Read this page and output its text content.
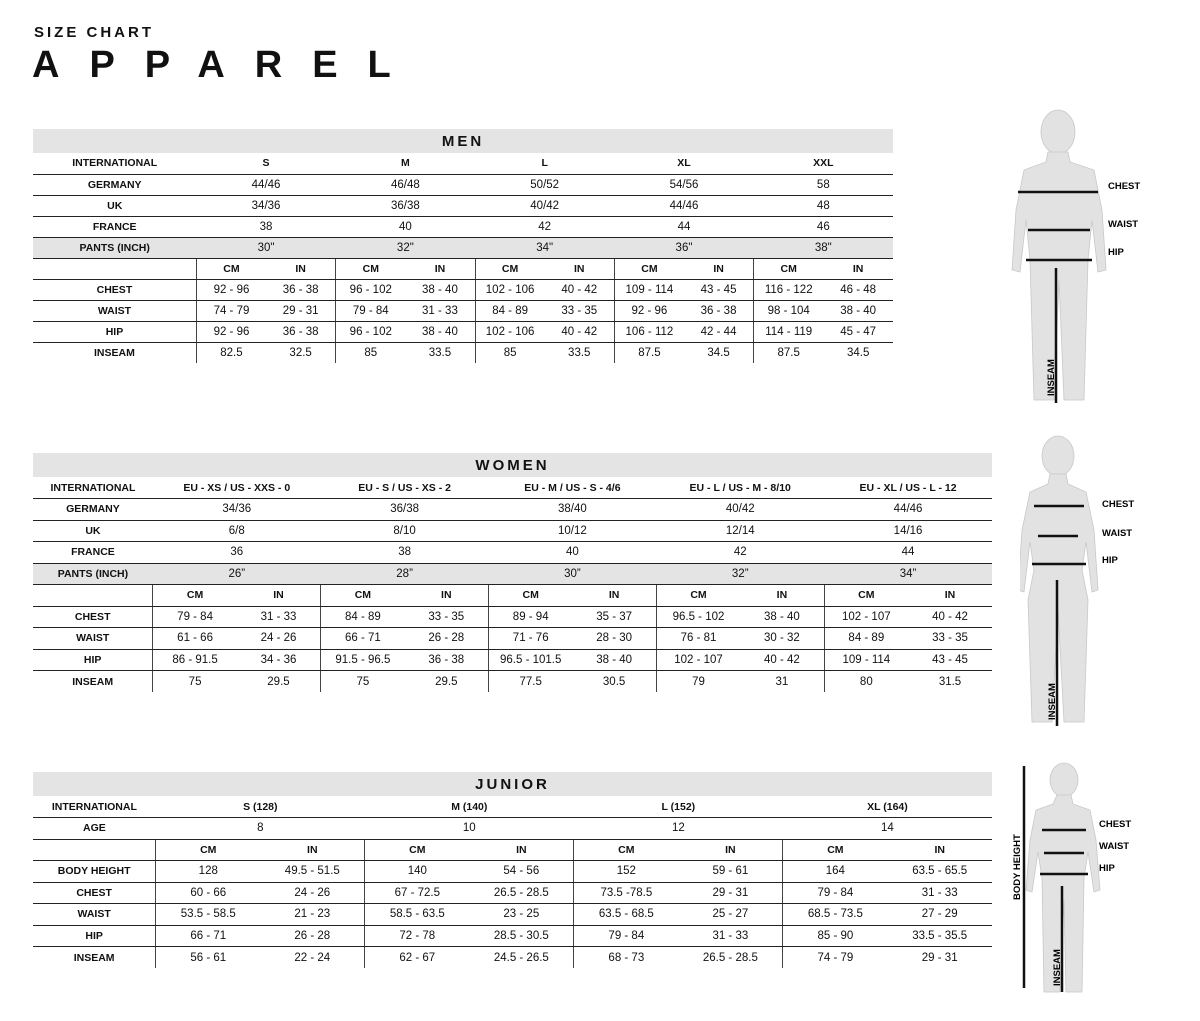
SIZE CHART
APPAREL
MEN
INTERNATIONAL	S		M		L		XL		XXL	
GERMANY	44/46		46/48		50/52		54/56		58	
UK	34/36		36/38		40/42		44/46		48	
FRANCE	38		40		42		44		46	
PANTS (INCH)	30"		32"		34"		36"		38"	
	CM	IN	CM	IN	CM	IN	CM	IN	CM	IN
CHEST	92 - 96	36 - 38	96 - 102	38 - 40	102 - 106	40 - 42	109 - 114	43 - 45	116 - 122	46 - 48
WAIST	74 - 79	29 - 31	79 - 84	31 - 33	84 - 89	33 - 35	92 - 96	36 - 38	98 - 104	38 - 40
HIP	92 - 96	36 - 38	96 - 102	38 - 40	102 - 106	40 - 42	106 - 112	42 - 44	114 - 119	45 - 47
INSEAM	82.5	32.5	85	33.5	85	33.5	87.5	34.5	87.5	34.5
WOMEN
INTERNATIONAL	EU - XS / US - XXS - 0		EU - S / US - XS - 2		EU - M / US - S - 4/6		EU - L / US - M - 8/10		EU - XL / US - L - 12	
GERMANY	34/36		36/38		38/40		40/42		44/46	
UK	6/8		8/10		10/12		12/14		14/16	
FRANCE	36		38		40		42		44	
PANTS (INCH)	26”		28”		30”		32”		34”	
	CM	IN	CM	IN	CM	IN	CM	IN	CM	IN
CHEST	79 - 84	31 - 33	84 - 89	33 - 35	89 - 94	35 - 37	96.5 - 102	38 - 40	102 - 107	40 - 42
WAIST	61 - 66	24 - 26	66 - 71	26 - 28	71 - 76	28 - 30	76 - 81	30 - 32	84 - 89	33 - 35
HIP	86 - 91.5	34 - 36	91.5 - 96.5	36 - 38	96.5 - 101.5	38 - 40	102 - 107	40 - 42	109 - 114	43 - 45
INSEAM	75	29.5	75	29.5	77.5	30.5	79	31	80	31.5
JUNIOR
INTERNATIONAL	S (128)		M (140)		L (152)		XL (164)	
AGE	8		10		12		14	
	CM	IN	CM	IN	CM	IN	CM	IN
BODY HEIGHT	128	49.5 - 51.5	140	54 - 56	152	59 - 61	164	63.5 - 65.5
CHEST	60 - 66	24 - 26	67 - 72.5	26.5 - 28.5	73.5 -78.5	29 - 31	79 - 84	31 - 33
WAIST	53.5 - 58.5	21 - 23	58.5 - 63.5	23 - 25	63.5 - 68.5	25 - 27	68.5 - 73.5	27 - 29
HIP	66 - 71	26 - 28	72 - 78	28.5 - 30.5	79 - 84	31 - 33	85 - 90	33.5 - 35.5
INSEAM	56 - 61	22 - 24	62 - 67	24.5 - 26.5	68 - 73	26.5 - 28.5	74 - 79	29 - 31
CHEST
WAIST
HIP
INSEAM
CHEST
WAIST
HIP
INSEAM
CHEST
WAIST
HIP
BODY HEIGHT
INSEAM
